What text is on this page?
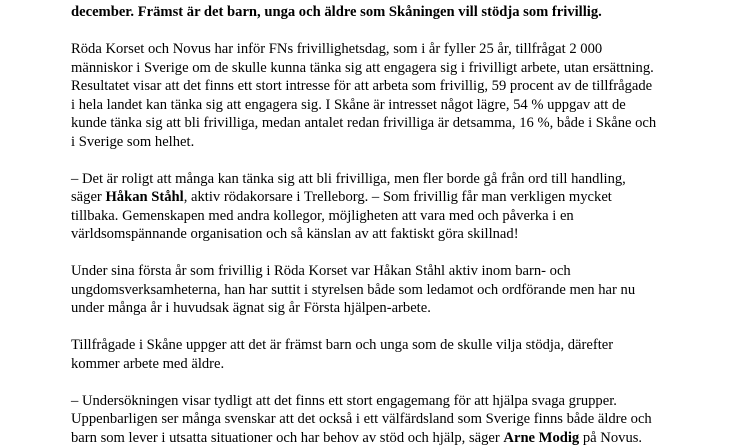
december. Främst är det barn, unga och äldre som Skåningen vill stödja som frivillig.
Röda Korset och Novus har inför FNs frivillighetsdag, som i år fyller 25 år, tillfrågat 2 000
människor i Sverige om de skulle kunna tänka sig att engagera sig i frivilligt arbete, utan ersättning.
Resultatet visar att det finns ett stort intresse för att arbeta som frivillig, 59 procent av de tillfrågade
i hela landet kan tänka sig att engagera sig. I Skåne är intresset något lägre, 54 % uppgav att de
kunde tänka sig att bli frivilliga, medan antalet redan frivilliga är detsamma, 16 %, både i Skåne och
i Sverige som helhet.
– Det är roligt att många kan tänka sig att bli frivilliga, men fler borde gå från ord till handling,
säger Håkan Ståhl, aktiv rödakorsare i Trelleborg. – Som frivillig får man verkligen mycket
tillbaka. Gemenskapen med andra kollegor, möjligheten att vara med och påverka i en
världsomspännande organisation och så känslan av att faktiskt göra skillnad!
Under sina första år som frivillig i Röda Korset var Håkan Ståhl aktiv inom barn- och
ungdomsverksamheterna, han har suttit i styrelsen både som ledamot och ordförande men har nu
under många år i huvudsak ägnat sig år Första hjälpen-arbete.
Tillfrågade i Skåne uppger att det är främst barn och unga som de skulle vilja stödja, därefter
kommer arbete med äldre.
– Undersökningen visar tydligt att det finns ett stort engagemang för att hjälpa svaga grupper.
Uppenbarligen ser många svenskar att det också i ett välfärdsland som Sverige finns både äldre och
barn som lever i utsatta situationer och har behov av stöd och hjälp, säger Arne Modig på Novus.
